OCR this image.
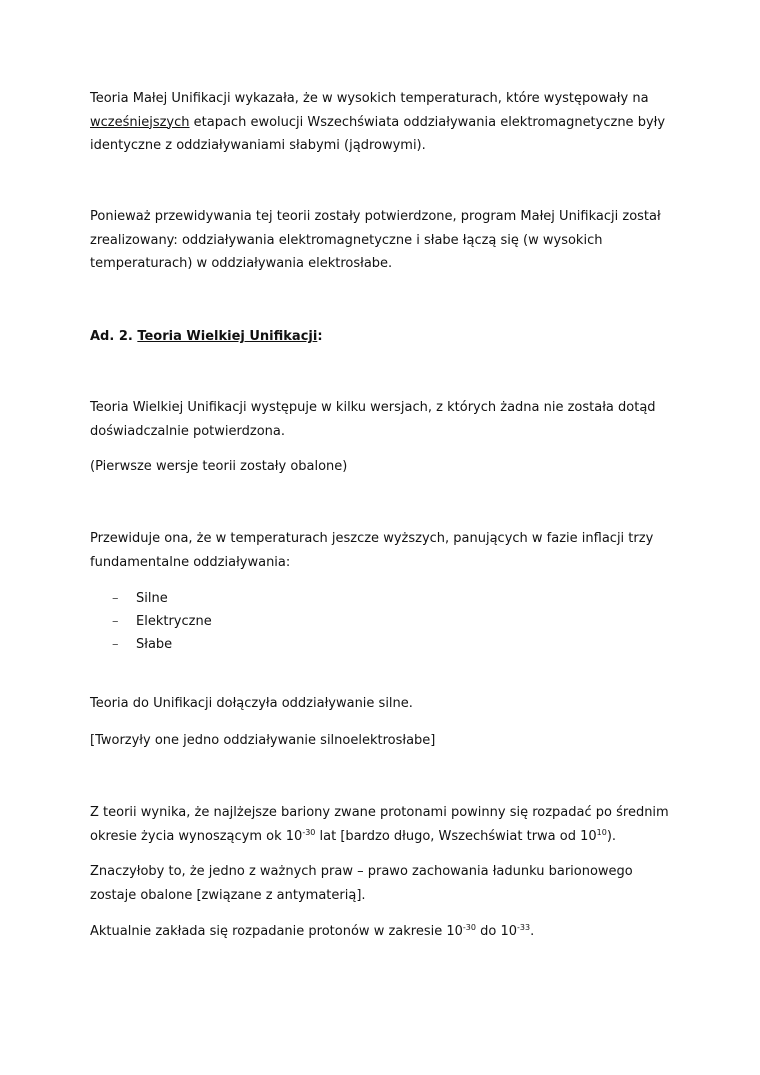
Teoria Małej Unifikacji wykazała, że w wysokich temperaturach, które występowały na
wcześniejszych etapach ewolucji Wszechświata oddziaływania elektromagnetyczne były identyczne z oddziaływaniami słabymi (jądrowymi).

Ponieważ przewidywania tej teorii zostały potwierdzone, program Małej Unifikacji został zrealizowany: oddziaływania elektromagnetyczne i słabe łączą się (w wysokich temperaturach) w oddziaływania elektrosłabe.

Ad. 2. Teoria Wielkiej Unifikacji:

Teoria Wielkiej Unifikacji występuje w kilku wersjach, z których żadna nie została dotąd doświadczalnie potwierdzona.

(Pierwsze wersje teorii zostały obalone)

Przewiduje ona, że w temperaturach jeszcze wyższych, panujących w fazie inflacji trzy fundamentalne oddziaływania:

– Silne
– Elektryczne
– Słabe

Teoria do Unifikacji dołączyła oddziaływanie silne.

[Tworzyły one jedno oddziaływanie silnoelektrosłabe]

Z teorii wynika, że najlżejsze bariony zwane protonami powinny się rozpadać po średnim okresie życia wynoszącym ok $10^{-30}$ lat [bardzo długo, Wszechświat trwa od $10^{10}$).

Znaczyłoby to, że jedno z ważnych praw – prawo zachowania ładunku barionowego zostaje obalone [związane z antymaterią].

Aktualnie zakłada się rozpadanie protonów w zakresie $10^{-30}$ do $10^{-33}$.
